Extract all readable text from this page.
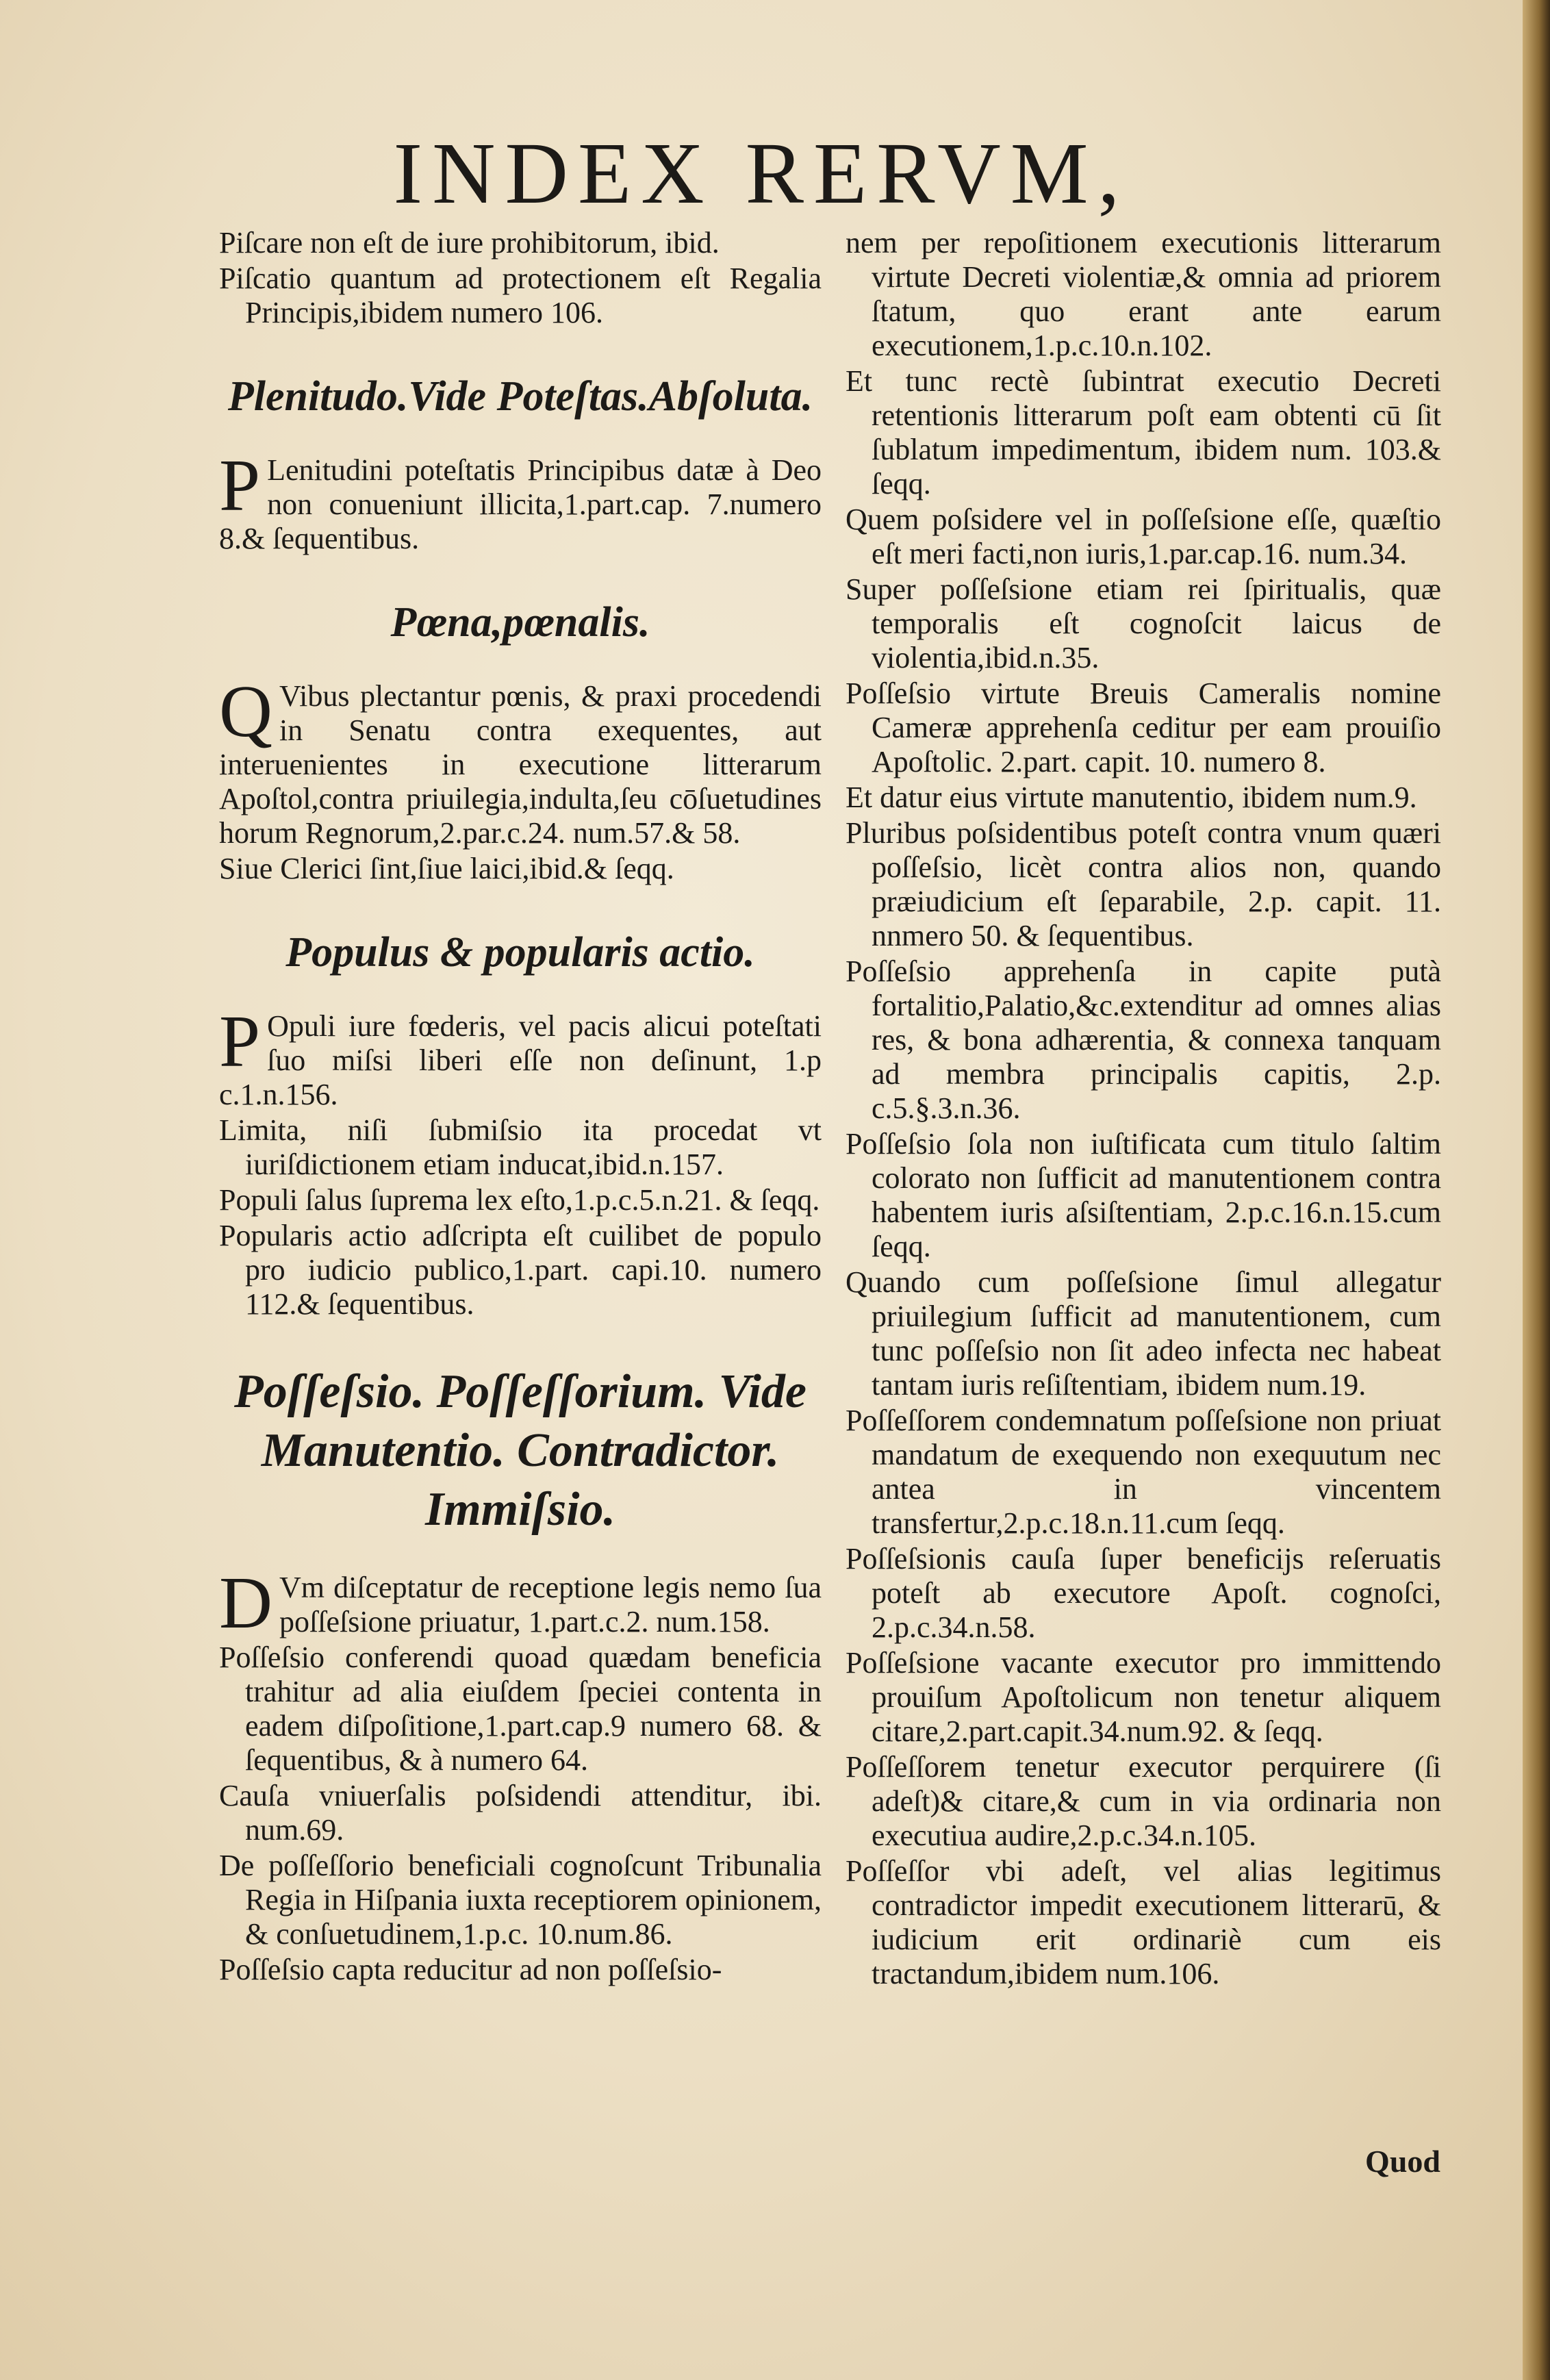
INDEX RERVM,

Piſcare non eſt de iure prohibitorum, ibid.

Piſcatio quantum ad protectionem eſt Regalia Principis,ibidem numero 106.

Plenitudo.Vide Poteſtas.Abſoluta.

P Lenitudini poteſtatis Principibus datæ à Deo non conueniunt illicita,1.part.cap. 7.numero 8.& ſequentibus.

Pœna,pœnalis.

Q Vibus plectantur pœnis, & praxi procedendi in Senatu contra exequentes, aut interuenientes in executione litterarum Apoſtol,contra priuilegia,indulta,ſeu cōſuetudines horum Regnorum,2.par.c.24. num.57.& 58.

Siue Clerici ſint,ſiue laici,ibid.& ſeqq.

Populus & popularis actio.

P Opuli iure fœderis, vel pacis alicui poteſtati ſuo miſsi liberi eſſe non deſinunt, 1.p c.1.n.156.

Limita, niſi ſubmiſsio ita procedat vt iuriſdictionem etiam inducat,ibid.n.157.

Populi ſalus ſuprema lex eſto,1.p.c.5.n.21. & ſeqq.

Popularis actio adſcripta eſt cuilibet de populo pro iudicio publico,1.part. capi.10. numero 112.& ſequentibus.

Poſſeſsio. Poſſeſſorium. Vide Manutentio. Contradictor. Immiſsio.

D Vm diſceptatur de receptione legis nemo ſua poſſeſsione priuatur, 1.part.c.2. num.158.

Poſſeſsio conferendi quoad quædam beneficia trahitur ad alia eiuſdem ſpeciei contenta in eadem diſpoſitione,1.part.cap.9 numero 68. & ſequentibus, & à numero 64.

Cauſa vniuerſalis poſsidendi attenditur, ibi. num.69.

De poſſeſſorio beneficiali cognoſcunt Tribunalia Regia in Hiſpania iuxta receptiorem opinionem, & conſuetudinem,1.p.c. 10.num.86.

Poſſeſsio capta reducitur ad non poſſeſsio-

nem per repoſitionem executionis litterarum virtute Decreti violentiæ,& omnia ad priorem ſtatum, quo erant ante earum executionem,1.p.c.10.n.102.

Et tunc rectè ſubintrat executio Decreti retentionis litterarum poſt eam obtenti cū ſit ſublatum impedimentum, ibidem num. 103.& ſeqq.

Quem poſsidere vel in poſſeſsione eſſe, quæſtio eſt meri facti,non iuris,1.par.cap.16. num.34.

Super poſſeſsione etiam rei ſpiritualis, quæ temporalis eſt cognoſcit laicus de violentia,ibid.n.35.

Poſſeſsio virtute Breuis Cameralis nomine Cameræ apprehenſa ceditur per eam prouiſio Apoſtolic. 2.part. capit. 10. numero 8.

Et datur eius virtute manutentio, ibidem num.9.

Pluribus poſsidentibus poteſt contra vnum quæri poſſeſsio, licèt contra alios non, quando præiudicium eſt ſeparabile, 2.p. capit. 11. nnmero 50. & ſequentibus.

Poſſeſsio apprehenſa in capite putà fortalitio,Palatio,&c.extenditur ad omnes alias res, & bona adhærentia, & connexa tanquam ad membra principalis capitis, 2.p. c.5.§.3.n.36.

Poſſeſsio ſola non iuſtificata cum titulo ſaltim colorato non ſufficit ad manutentionem contra habentem iuris aſsiſtentiam, 2.p.c.16.n.15.cum ſeqq.

Quando cum poſſeſsione ſimul allegatur priuilegium ſufficit ad manutentionem, cum tunc poſſeſsio non ſit adeo infecta nec habeat tantam iuris reſiſtentiam, ibidem num.19.

Poſſeſſorem condemnatum poſſeſsione non priuat mandatum de exequendo non exequutum nec antea in vincentem transfertur,2.p.c.18.n.11.cum ſeqq.

Poſſeſsionis cauſa ſuper beneficijs reſeruatis poteſt ab executore Apoſt. cognoſci, 2.p.c.34.n.58.

Poſſeſsione vacante executor pro immittendo prouiſum Apoſtolicum non tenetur aliquem citare,2.part.capit.34.num.92. & ſeqq.

Poſſeſſorem tenetur executor perquirere (ſi adeſt)& citare,& cum in via ordinaria non executiua audire,2.p.c.34.n.105.

Poſſeſſor vbi adeſt, vel alias legitimus contradictor impedit executionem litterarū, & iudicium erit ordinariè cum eis tractandum,ibidem num.106.

Quod
